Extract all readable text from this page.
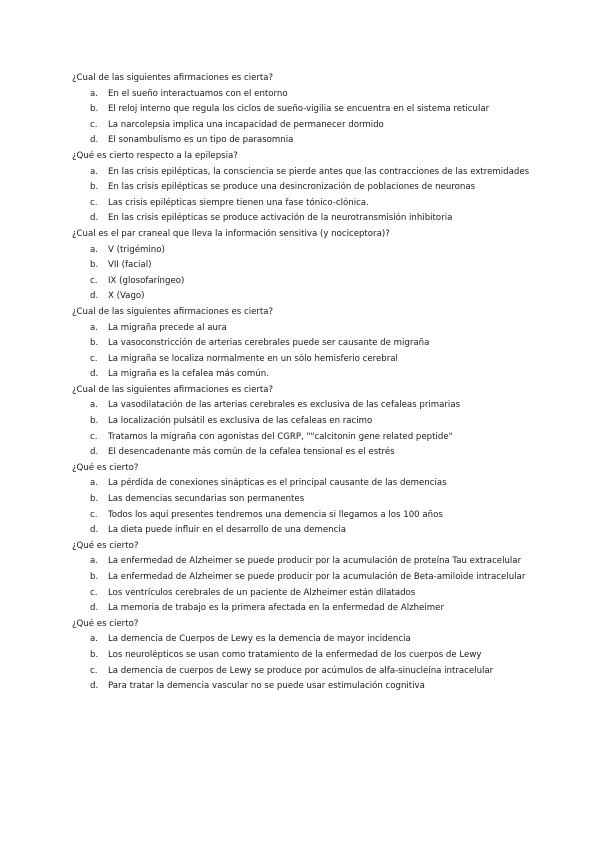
¿Cual de las siguientes afirmaciones es cierta?

a. En el sueño interactuamos con el entorno
b. El reloj interno que regula los ciclos de sueño-vigilia se encuentra en el sistema reticular
c. La narcolepsia implica una incapacidad de permanecer dormido
d. El sonambulismo es un tipo de parasomnia

¿Qué es cierto respecto a la epilepsia?

a. En las crisis epilépticas, la consciencia se pierde antes que las contracciones de las extremidades
b. En las crisis epilépticas se produce una desincronización de poblaciones de neuronas
c. Las crisis epilépticas siempre tienen una fase tónico-clónica.
d. En las crisis epilépticas se produce activación de la neurotransmisión inhibitoria

¿Cual es el par craneal que lleva la información sensitiva (y nociceptora)?

a. V (trigémino)
b. VII (facial)
c. IX (glosofaríngeo)
d. X (Vago)

¿Cual de las siguientes afirmaciones es cierta?

a. La migraña precede al aura
b. La vasoconstricción de arterias cerebrales puede ser causante de migraña
c. La migraña se localiza normalmente en un sólo hemisferio cerebral
d. La migraña es la cefalea más común.

¿Cual de las siguientes afirmaciones es cierta?

a. La vasodilatación de las arterias cerebrales es exclusiva de las cefaleas primarias
b. La localización pulsátil es exclusiva de las cefaleas en racimo
c. Tratamos la migraña con agonistas del CGRP, ""calcitonin gene related peptide"
d. El desencadenante más común de la cefalea tensional es el estrés

¿Qué es cierto?

a. La pérdida de conexiones sinápticas es el principal causante de las demencias
b. Las demencias secundarias son permanentes
c. Todos los aquí presentes tendremos una demencia si llegamos a los 100 años
d. La dieta puede influir en el desarrollo de una demencia

¿Qué es cierto?

a. La enfermedad de Alzheimer se puede producir por la acumulación de proteína Tau extracelular
b. La enfermedad de Alzheimer se puede producir por la acumulación de Beta-amiloide intracelular
c. Los ventrículos cerebrales de un paciente de Alzheimer están dilatados
d. La memoria de trabajo es la primera afectada en la enfermedad de Alzheimer

¿Qué es cierto?

a. La demencia de Cuerpos de Lewy es la demencia de mayor incidencia
b. Los neurolépticos se usan como tratamiento de la enfermedad de los cuerpos de Lewy
c. La demencia de cuerpos de Lewy se produce por acúmulos de alfa-sinucleína intracelular
d. Para tratar la demencia vascular no se puede usar estimulación cognitiva
